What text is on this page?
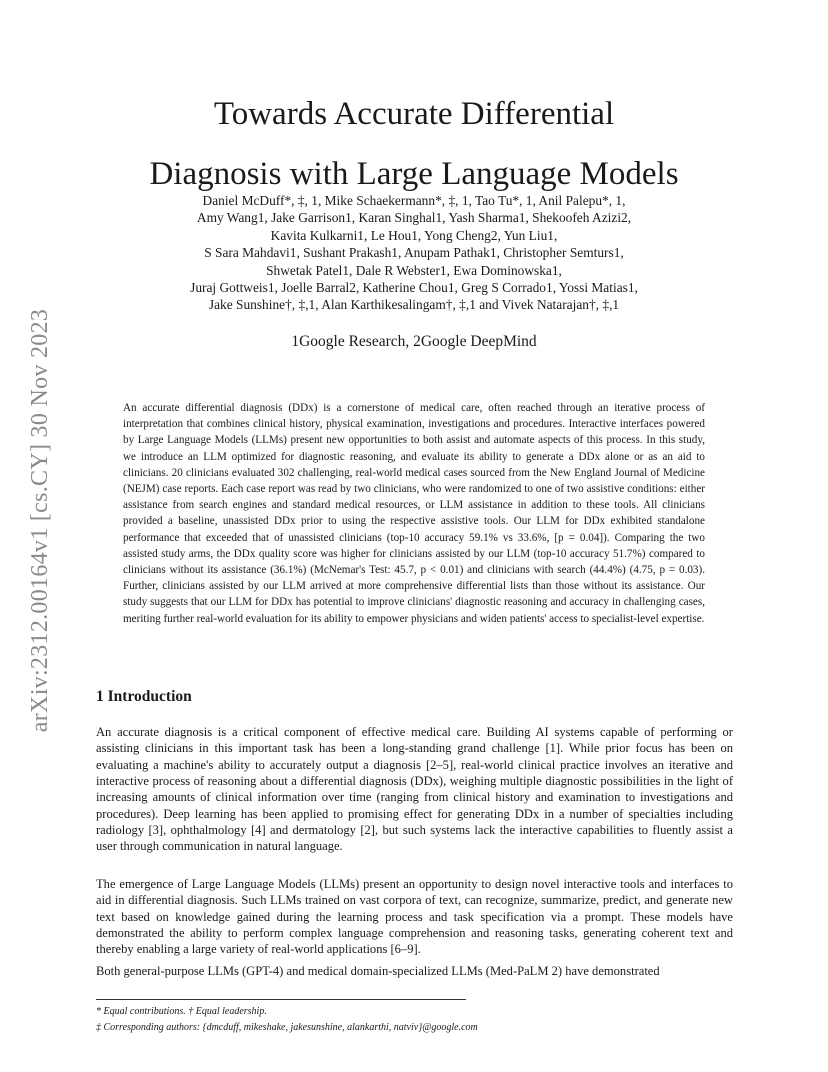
arXiv:2312.00164v1 [cs.CY] 30 Nov 2023
Towards Accurate Differential
Diagnosis with Large Language Models
Daniel McDuff*, ‡, 1, Mike Schaekermann*, ‡, 1, Tao Tu*, 1, Anil Palepu*, 1,
Amy Wang1, Jake Garrison1, Karan Singhal1, Yash Sharma1, Shekoofeh Azizi2,
Kavita Kulkarni1, Le Hou1, Yong Cheng2, Yun Liu1,
S Sara Mahdavi1, Sushant Prakash1, Anupam Pathak1, Christopher Semturs1,
Shwetak Patel1, Dale R Webster1, Ewa Dominowska1,
Juraj Gottweis1, Joelle Barral2, Katherine Chou1, Greg S Corrado1, Yossi Matias1,
Jake Sunshine†, ‡,1, Alan Karthikesalingam†, ‡,1 and Vivek Natarajan†, ‡,1
1Google Research, 2Google DeepMind

An accurate differential diagnosis (DDx) is a cornerstone of medical care, often reached through an iterative process of interpretation that combines clinical history, physical examination, investigations and procedures. Interactive interfaces powered by Large Language Models (LLMs) present new opportunities to both assist and automate aspects of this process. In this study, we introduce an LLM optimized for diagnostic reasoning, and evaluate its ability to generate a DDx alone or as an aid to clinicians. 20 clinicians evaluated 302 challenging, real-world medical cases sourced from the New England Journal of Medicine (NEJM) case reports. Each case report was read by two clinicians, who were randomized to one of two assistive conditions: either assistance from search engines and standard medical resources, or LLM assistance in addition to these tools. All clinicians provided a baseline, unassisted DDx prior to using the respective assistive tools. Our LLM for DDx exhibited standalone performance that exceeded that of unassisted clinicians (top-10 accuracy 59.1% vs 33.6%, [p = 0.04]). Comparing the two assisted study arms, the DDx quality score was higher for clinicians assisted by our LLM (top-10 accuracy 51.7%) compared to clinicians without its assistance (36.1%) (McNemar's Test: 45.7, p < 0.01) and clinicians with search (44.4%) (4.75, p = 0.03). Further, clinicians assisted by our LLM arrived at more comprehensive differential lists than those without its assistance. Our study suggests that our LLM for DDx has potential to improve clinicians' diagnostic reasoning and accuracy in challenging cases, meriting further real-world evaluation for its ability to empower physicians and widen patients' access to specialist-level expertise.

1 Introduction

An accurate diagnosis is a critical component of effective medical care. Building AI systems capable of performing or assisting clinicians in this important task has been a long-standing grand challenge [1]. While prior focus has been on evaluating a machine's ability to accurately output a diagnosis [2–5], real-world clinical practice involves an iterative and interactive process of reasoning about a differential diagnosis (DDx), weighing multiple diagnostic possibilities in the light of increasing amounts of clinical information over time (ranging from clinical history and examination to investigations and procedures). Deep learning has been applied to promising effect for generating DDx in a number of specialties including radiology [3], ophthalmology [4] and dermatology [2], but such systems lack the interactive capabilities to fluently assist a user through communication in natural language.

The emergence of Large Language Models (LLMs) present an opportunity to design novel interactive tools and interfaces to aid in differential diagnosis. Such LLMs trained on vast corpora of text, can recognize, summarize, predict, and generate new text based on knowledge gained during the learning process and task specification via a prompt. These models have demonstrated the ability to perform complex language comprehension and reasoning tasks, generating coherent text and thereby enabling a large variety of real-world applications [6–9].

Both general-purpose LLMs (GPT-4) and medical domain-specialized LLMs (Med-PaLM 2) have demonstrated

* Equal contributions. † Equal leadership.
‡ Corresponding authors: {dmcduff, mikeshake, jakesunshine, alankarthi, natviv}@google.com
